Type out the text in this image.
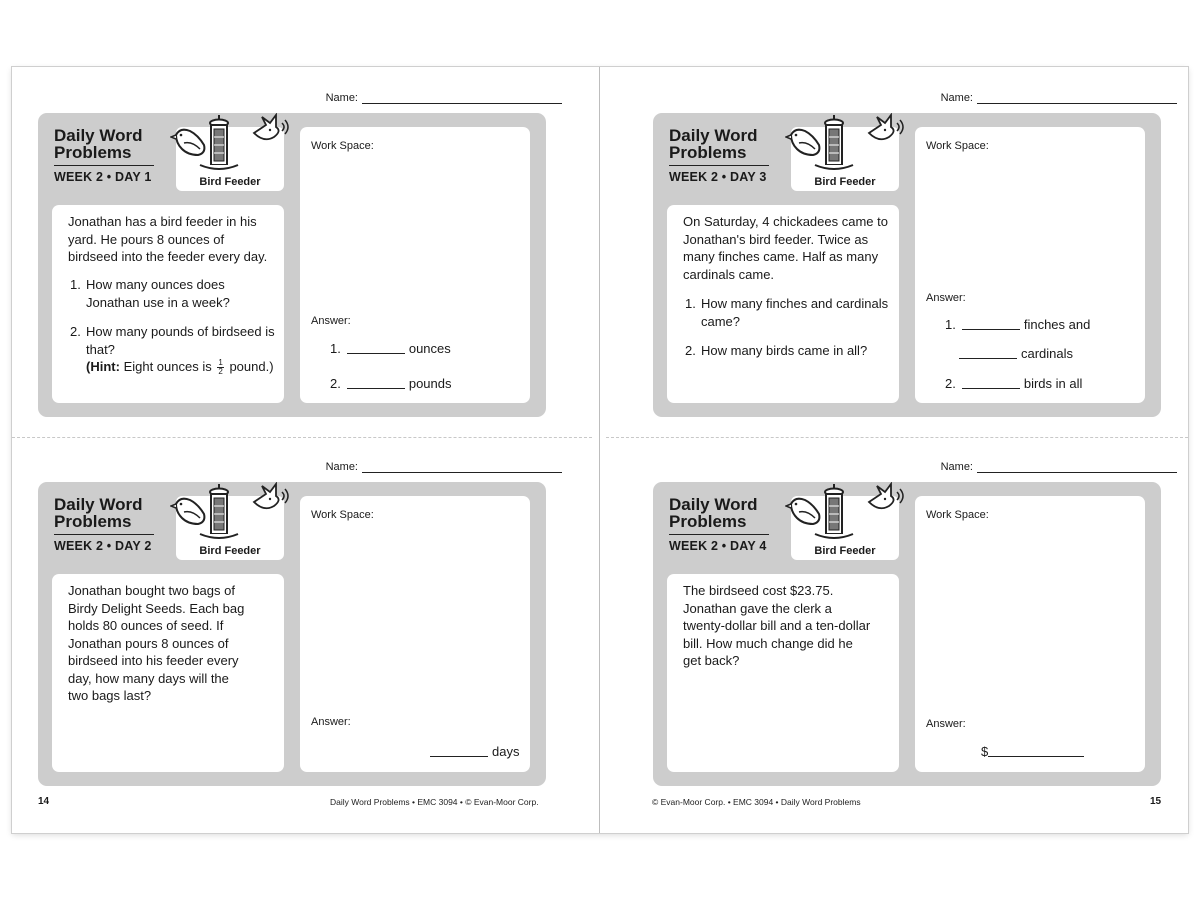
Name:
Daily Word
Problems
WEEK 2 • DAY 1	Bird Feeder
Jonathan has a bird feeder in his yard. He pours 8 ounces of birdseed into the feeder every day.
1. How many ounces does Jonathan use in a week?
2. How many pounds of birdseed is that?
(Hint: Eight ounces is $\frac{1}{2}$ pound.)
Work Space:
Answer:
1.	ounces
2.	pounds
Name:
Daily Word
Problems
WEEK 2 • DAY 3	Bird Feeder
On Saturday, 4 chickadees came to Jonathan's bird feeder. Twice as many finches came. Half as many cardinals came.
1. How many finches and cardinals came?
2. How many birds came in all?
Work Space:
Answer:
1.	finches and
cardinals
2.	birds in all
Name:
Daily Word
Problems
WEEK 2 • DAY 2	Bird Feeder
Jonathan bought two bags of Birdy Delight Seeds. Each bag holds 80 ounces of seed. If Jonathan pours 8 ounces of birdseed into his feeder every day, how many days will the two bags last?
Work Space:
Answer:
days
Name:
Daily Word
Problems
WEEK 2 • DAY 4	Bird Feeder
The birdseed cost $23.75. Jonathan gave the clerk a twenty-dollar bill and a ten-dollar bill. How much change did he get back?
Work Space:
Answer:
$
14	Daily Word Problems • EMC 3094 • © Evan-Moor Corp.	© Evan-Moor Corp. • EMC 3094 • Daily Word Problems	15
